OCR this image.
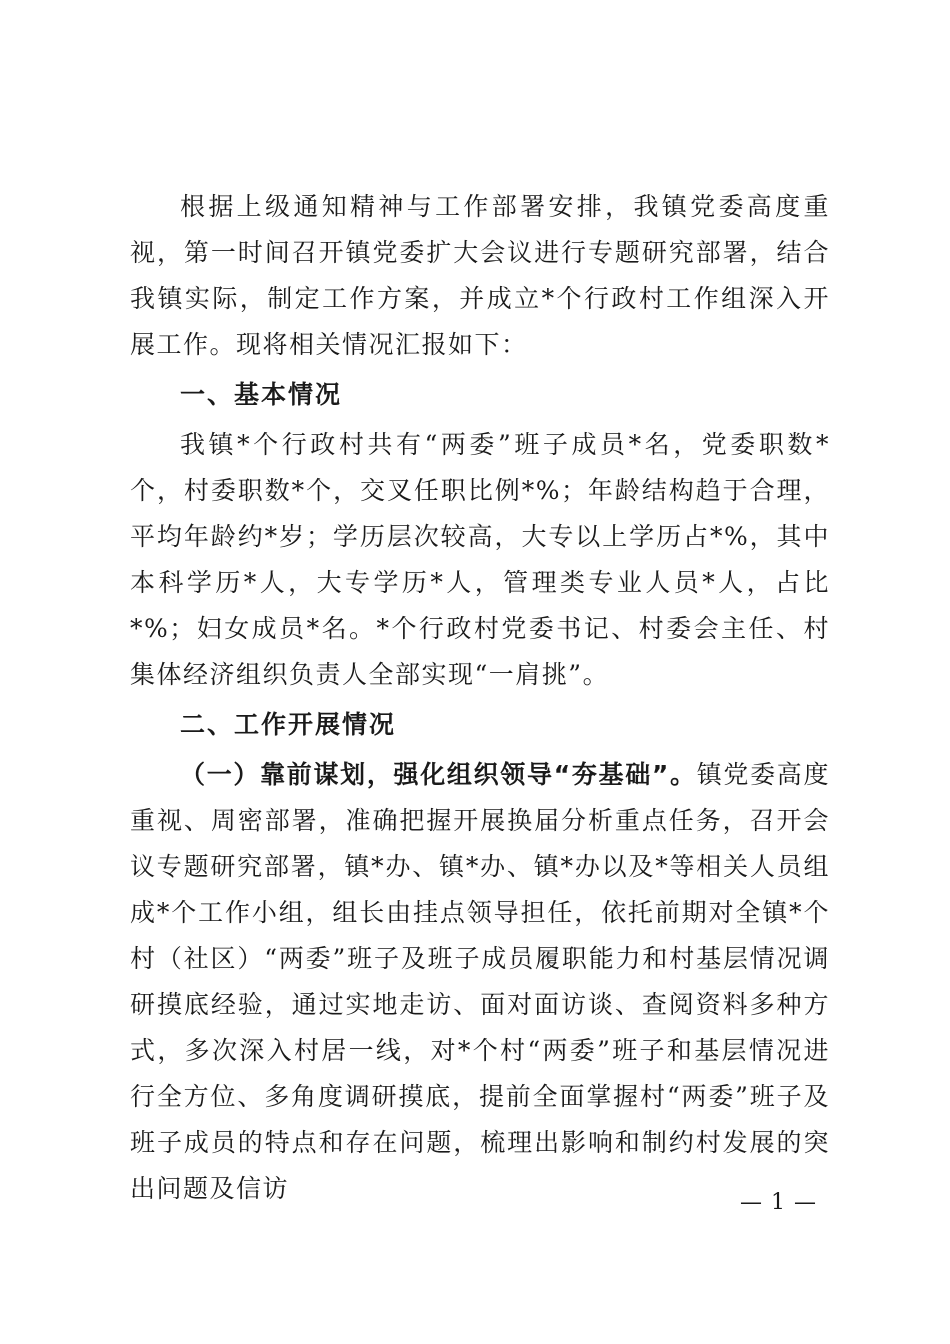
根据上级通知精神与工作部署安排，我镇党委高度重视，第一时间召开镇党委扩大会议进行专题研究部署，结合我镇实际，制定工作方案，并成立*个行政村工作组深入开展工作。现将相关情况汇报如下：

一、基本情况

我镇*个行政村共有“两委”班子成员*名，党委职数*个，村委职数*个，交叉任职比例*%；年龄结构趋于合理，平均年龄约*岁；学历层次较高，大专以上学历占*%，其中本科学历*人，大专学历*人，管理类专业人员*人，占比*%；妇女成员*名。*个行政村党委书记、村委会主任、村集体经济组织负责人全部实现“一肩挑”。

二、工作开展情况

（一）靠前谋划，强化组织领导“夯基础”。镇党委高度重视、周密部署，准确把握开展换届分析重点任务，召开会议专题研究部署，镇*办、镇*办、镇*办以及*等相关人员组成*个工作小组，组长由挂点领导担任，依托前期对全镇*个村（社区）“两委”班子及班子成员履职能力和村基层情况调研摸底经验，通过实地走访、面对面访谈、查阅资料多种方式，多次深入村居一线，对*个村“两委”班子和基层情况进行全方位、多角度调研摸底，提前全面掌握村“两委”班子及班子成员的特点和存在问题，梳理出影响和制约村发展的突出问题及信访	— 1 —
